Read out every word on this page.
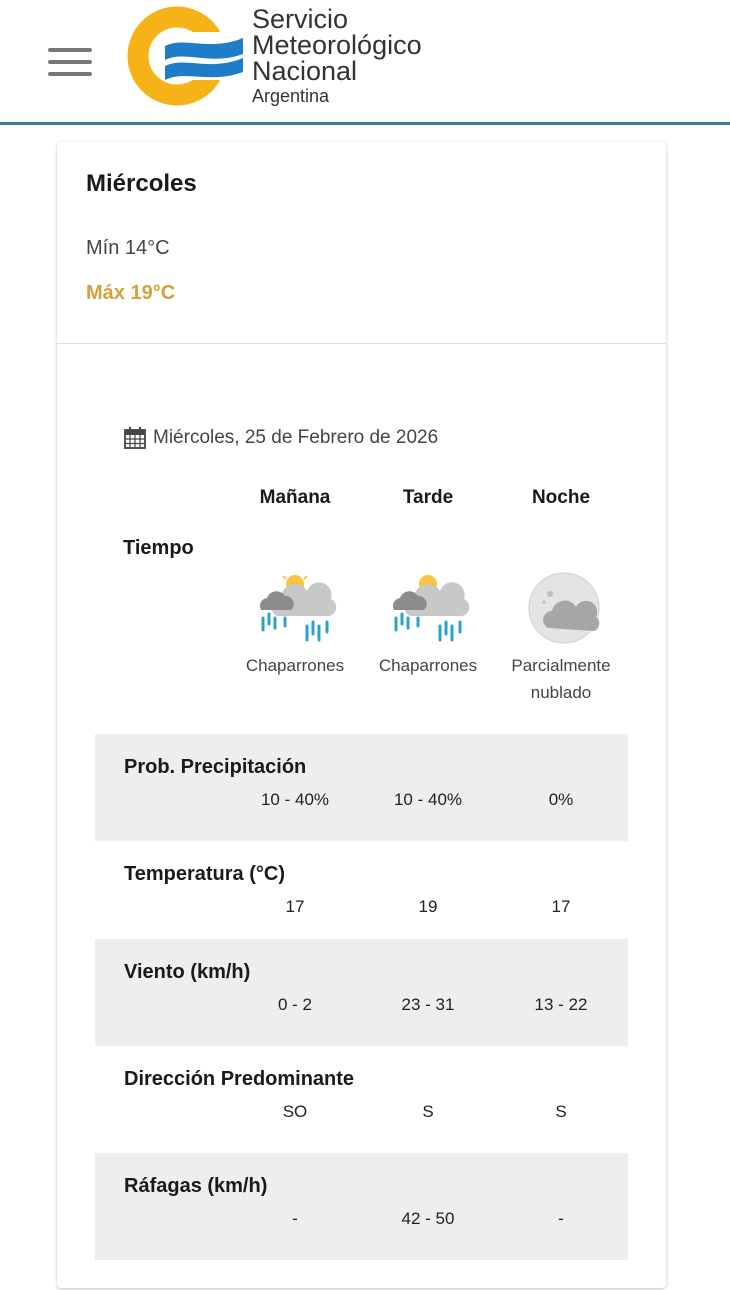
Servicio
Meteorológico
Nacional
Argentina
Miércoles
Mín 14°C
Máx 19°C
Miércoles, 25 de Febrero de 2026
Mañana	Tarde	Noche
Tiempo
Chaparrones	Chaparrones	Parcialmente
nublado
Prob. Precipitación
10 - 40%	10 - 40%	0%
Temperatura (°C)
17	19	17
Viento (km/h)
0 - 2	23 - 31	13 - 22
Dirección Predominante
SO	S	S
Ráfagas (km/h)
-	42 - 50	-
